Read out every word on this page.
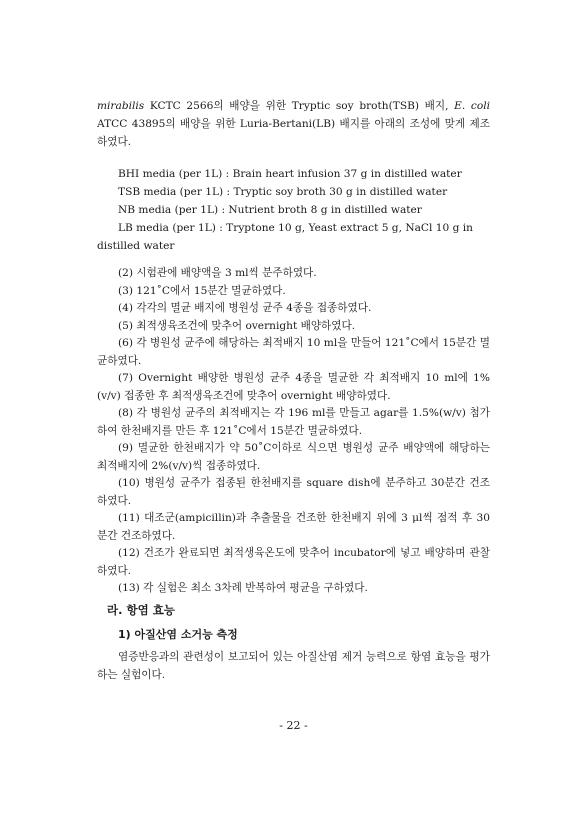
mirabilis KCTC 2566의 배양을 위한 Tryptic soy broth(TSB) 배지, E. coli ATCC 43895의 배양을 위한 Luria-Bertani(LB) 배지를 아래의 조성에 맞게 제조하였다.
BHI media (per 1L) : Brain heart infusion 37 g in distilled water
TSB media (per 1L) : Tryptic soy broth 30 g in distilled water
NB media (per 1L) : Nutrient broth 8 g in distilled water
LB media (per 1L) : Tryptone 10 g, Yeast extract 5 g, NaCl 10 g in
distilled water
(2) 시험관에 배양액을 3 ml씩 분주하였다.
(3) 121˚C에서 15분간 멸균하였다.
(4) 각각의 멸균 배지에 병원성 균주 4종을 접종하였다.
(5) 최적생육조건에 맞추어 overnight 배양하였다.
(6) 각 병원성 균주에 해당하는 최적배지 10 ml을 만들어 121˚C에서 15분간 멸균하였다.
(7) Overnight 배양한 병원성 균주 4종을 멸균한 각 최적배지 10 ml에 1%(v/v) 접종한 후 최적생육조건에 맞추어 overnight 배양하였다.
(8) 각 병원성 균주의 최적배지는 각 196 ml를 만들고 agar를 1.5%(w/v) 첨가하여 한천배지를 만든 후 121˚C에서 15분간 멸균하였다.
(9) 멸균한 한천배지가 약 50˚C이하로 식으면 병원성 균주 배양액에 해당하는 최적배지에 2%(v/v)씩 접종하였다.
(10) 병원성 균주가 접종된 한천배지를 square dish에 분주하고 30분간 건조 하였다.
(11) 대조군(ampicillin)과 추출물을 건조한 한천배지 위에 3 μl씩 점적 후 30분간 건조하였다.
(12) 건조가 완료되면 최적생육온도에 맞추어 incubator에 넣고 배양하며 관찰하였다.
(13) 각 실험은 최소 3차례 반복하여 평균을 구하였다.
라. 항염 효능
1) 아질산염 소거능 측정
염증반응과의 관련성이 보고되어 있는 아질산염 제거 능력으로 항염 효능을 평가하는 실험이다.
- 22 -
